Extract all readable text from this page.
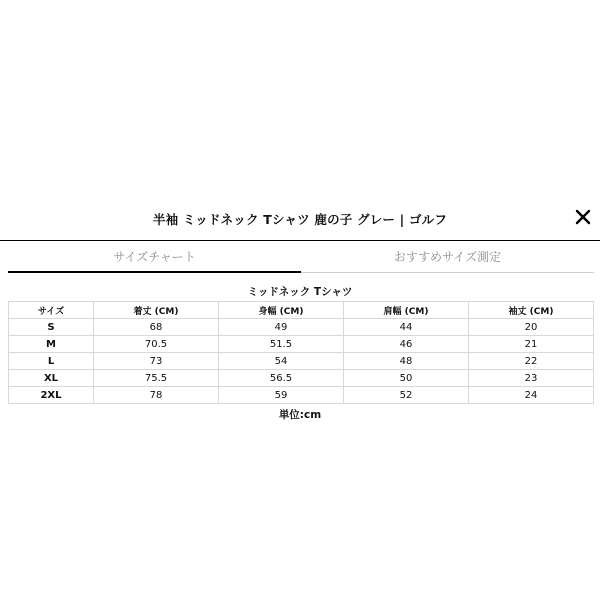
半袖 ミッドネック Tシャツ 鹿の子 グレー | ゴルフ
サイズチャート	おすすめサイズ測定
ミッドネック Tシャツ
サイズ	着丈 (CM)	身幅 (CM)	肩幅 (CM)	袖丈 (CM)
S	68	49	44	20
M	70.5	51.5	46	21
L	73	54	48	22
XL	75.5	56.5	50	23
2XL	78	59	52	24
単位:cm
